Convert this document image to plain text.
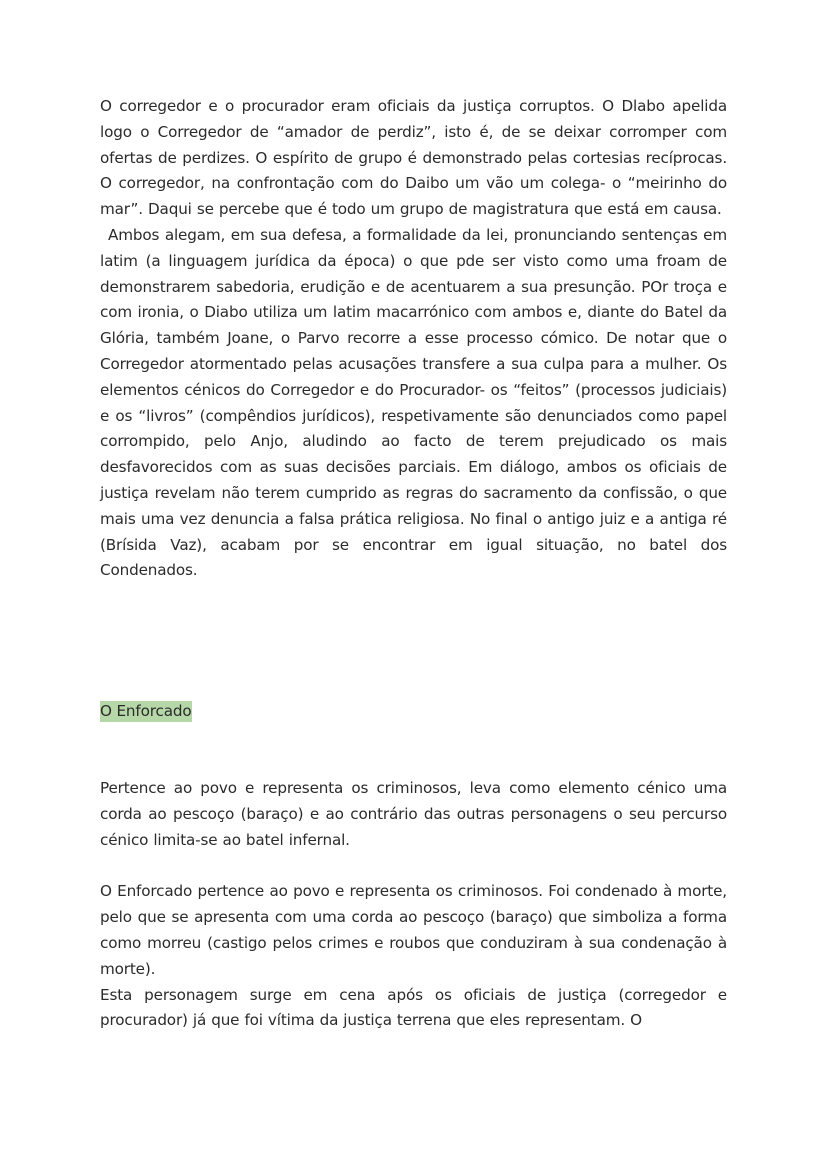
O corregedor e o procurador eram oficiais da justiça corruptos. O Dlabo apelida logo o Corregedor de “amador de perdiz”, isto é, de se deixar corromper com ofertas de perdizes. O espírito de grupo é demonstrado pelas cortesias recíprocas. O corregedor, na confrontação com do Daibo um vão um colega- o “meirinho do mar”. Daqui se percebe que é todo um grupo de magistratura que está em causa.

Ambos alegam, em sua defesa, a formalidade da lei, pronunciando sentenças em latim (a linguagem jurídica da época) o que pde ser visto como uma froam de demonstrarem sabedoria, erudição e de acentuarem a sua presunção. POr troça e com ironia, o Diabo utiliza um latim macarrónico com ambos e, diante do Batel da Glória, também Joane, o Parvo recorre a esse processo cómico. De notar que o Corregedor atormentado pelas acusações transfere a sua culpa para a mulher. Os elementos cénicos do Corregedor e do Procurador- os “feitos” (processos judiciais) e os “livros” (compêndios jurídicos), respetivamente são denunciados como papel corrompido, pelo Anjo, aludindo ao facto de terem prejudicado os mais desfavorecidos com as suas decisões parciais. Em diálogo, ambos os oficiais de justiça revelam não terem cumprido as regras do sacramento da confissão, o que mais uma vez denuncia a falsa prática religiosa. No final o antigo juiz e a antiga ré (Brísida Vaz), acabam por se encontrar em igual situação, no batel dos Condenados.

O Enforcado

Pertence ao povo e representa os criminosos, leva como elemento cénico uma corda ao pescoço (baraço) e ao contrário das outras personagens o seu percurso cénico limita-se ao batel infernal.

O Enforcado pertence ao povo e representa os criminosos. Foi condenado à morte, pelo que se apresenta com uma corda ao pescoço (baraço) que simboliza a forma como morreu (castigo pelos crimes e roubos que conduziram à sua condenação à morte).

Esta personagem surge em cena após os oficiais de justiça (corregedor e procurador) já que foi vítima da justiça terrena que eles representam. O
